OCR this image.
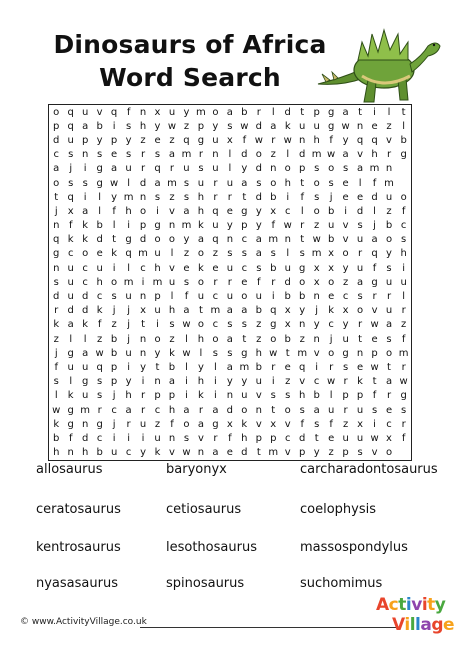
Dinosaurs of Africa
Word Search
o	q	u	v	q	f	n	x	u	y	m	o	a	b	r	l	d	t	p	g	a	t	i	l	t
p	q	a	b	i	s	h	y	w	z	p	y	s	w	d	a	k	u	u	g	w	n	e	z	l
d	u	p	y	p	y	z	e	z	q	g	u	x	f	w	r	w	n	h	f	y	q	q	v	b
c	s	n	s	e	s	r	s	a	m	r	n	l	d	o	z	l	d	m	w	a	v	h	r	g
a	j	i	g	a	u	r	q	r	u	s	u	l	y	d	n	o	p	s	o	s	a	m	n	
o	s	s	g	w	l	d	a	m	s	u	r	u	a	s	o	h	t	o	s	e	l	f	m	
t	q	i	l	y	m	n	s	z	s	h	r	r	t	d	b	i	f	s	j	e	e	d	u	o
j	x	a	l	f	h	o	i	v	a	h	q	e	g	y	x	c	l	o	b	i	d	l	z	f
n	f	k	b	l	i	p	g	n	m	k	u	y	p	y	f	w	r	z	u	v	s	j	b	c
q	k	k	d	t	g	d	o	o	y	a	q	n	c	a	m	n	t	w	b	v	u	a	o	s
g	c	o	e	k	q	m	u	l	z	o	z	s	s	a	s	l	s	m	x	o	r	q	y	h
n	u	c	u	i	l	c	h	v	e	k	e	u	c	s	b	u	g	x	x	y	u	f	s	i
s	u	c	h	o	m	i	m	u	s	o	r	r	e	f	r	d	o	x	o	z	a	g	u	u
d	u	d	c	s	u	n	p	l	f	u	c	u	o	u	i	b	b	n	e	c	s	r	r	l
r	d	d	k	j	j	x	u	h	a	t	m	a	a	b	q	x	y	j	k	x	o	v	u	r
k	a	k	f	z	j	t	i	s	w	o	c	s	s	z	g	x	n	y	c	y	r	w	a	z
z	l	l	z	b	j	n	o	z	l	h	o	a	t	z	o	b	z	n	j	u	t	e	s	f
j	g	a	w	b	u	n	y	k	w	l	s	s	g	h	w	t	m	v	o	g	n	p	o	m
f	u	u	q	p	i	y	t	b	l	y	l	a	m	b	r	e	q	i	r	s	e	w	t	r
s	l	g	s	p	y	i	n	a	i	h	i	y	y	u	i	z	v	c	w	r	k	t	a	w
l	k	u	s	j	h	r	p	p	i	k	i	n	u	v	s	s	h	b	l	p	p	f	r	g
w	g	m	r	c	a	r	c	h	a	r	a	d	o	n	t	o	s	a	u	r	u	s	e	s
k	g	n	g	j	r	u	z	f	o	a	g	x	k	v	x	v	f	s	f	z	x	i	c	r
b	f	d	c	i	i	i	u	n	s	v	r	f	h	p	p	c	d	t	e	u	u	w	x	f
h	n	h	b	u	c	y	k	v	w	n	a	e	d	t	m	v	p	y	z	p	s	v	o	
allosaurus	baryonyx	carcharadontosaurus
ceratosaurus	cetiosaurus	coelophysis
kentrosaurus	lesothosaurus	massospondylus
nyasasaurus	spinosaurus	suchomimus
© www.ActivityVillage.co.uk
Activity
Village
